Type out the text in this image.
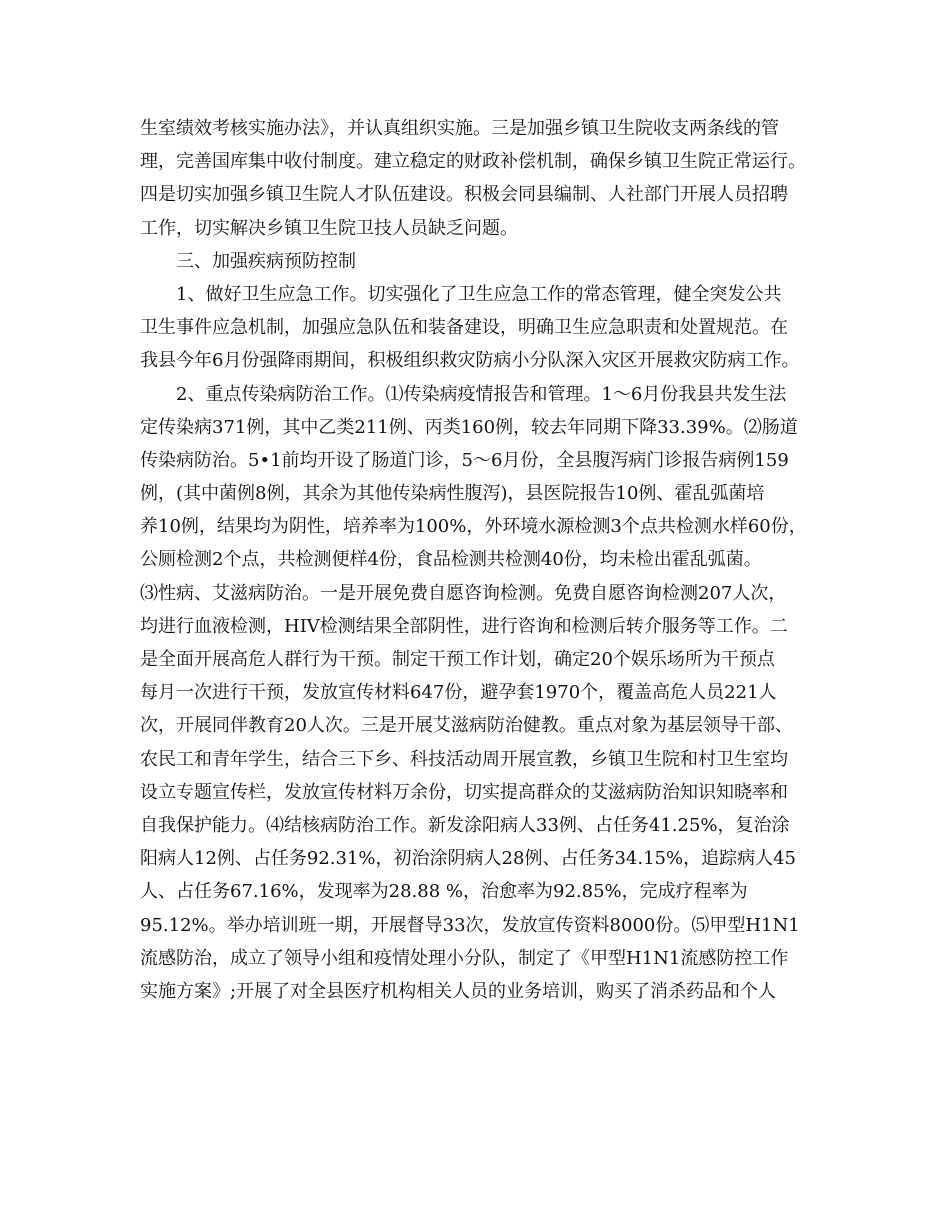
生室绩效考核实施办法》，并认真组织实施。三是加强乡镇卫生院收支两条线的管
理，完善国库集中收付制度。建立稳定的财政补偿机制，确保乡镇卫生院正常运行。
四是切实加强乡镇卫生院人才队伍建设。积极会同县编制、人社部门开展人员招聘
工作，切实解决乡镇卫生院卫技人员缺乏问题。
三、加强疾病预防控制
1、做好卫生应急工作。切实强化了卫生应急工作的常态管理，健全突发公共
卫生事件应急机制，加强应急队伍和装备建设，明确卫生应急职责和处置规范。在
我县今年6月份强降雨期间，积极组织救灾防病小分队深入灾区开展救灾防病工作。
2、重点传染病防治工作。⑴传染病疫情报告和管理。1～6月份我县共发生法
定传染病371例，其中乙类211例、丙类160例，较去年同期下降33.39%。⑵肠道
传染病防治。5•1前均开设了肠道门诊，5～6月份，全县腹泻病门诊报告病例159
例，(其中菌例8例，其余为其他传染病性腹泻)，县医院报告10例、霍乱弧菌培
养10例，结果均为阴性，培养率为100%，外环境水源检测3个点共检测水样60份，
公厕检测2个点，共检测便样4份，食品检测共检测40份，均未检出霍乱弧菌。
⑶性病、艾滋病防治。一是开展免费自愿咨询检测。免费自愿咨询检测207人次，
均进行血液检测，HIV检测结果全部阴性，进行咨询和检测后转介服务等工作。二
是全面开展高危人群行为干预。制定干预工作计划，确定20个娱乐场所为干预点
每月一次进行干预，发放宣传材料647份，避孕套1970个，覆盖高危人员221人
次，开展同伴教育20人次。三是开展艾滋病防治健教。重点对象为基层领导干部、
农民工和青年学生，结合三下乡、科技活动周开展宣教，乡镇卫生院和村卫生室均
设立专题宣传栏，发放宣传材料万余份，切实提高群众的艾滋病防治知识知晓率和
自我保护能力。⑷结核病防治工作。新发涂阳病人33例、占任务41.25%，复治涂
阳病人12例、占任务92.31%，初治涂阴病人28例、占任务34.15%，追踪病人45
人、占任务67.16%，发现率为28.88 %，治愈率为92.85%，完成疗程率为
95.12%。举办培训班一期，开展督导33次，发放宣传资料8000份。⑸甲型H1N1
流感防治，成立了领导小组和疫情处理小分队，制定了《甲型H1N1流感防控工作
实施方案》;开展了对全县医疗机构相关人员的业务培训，购买了消杀药品和个人
